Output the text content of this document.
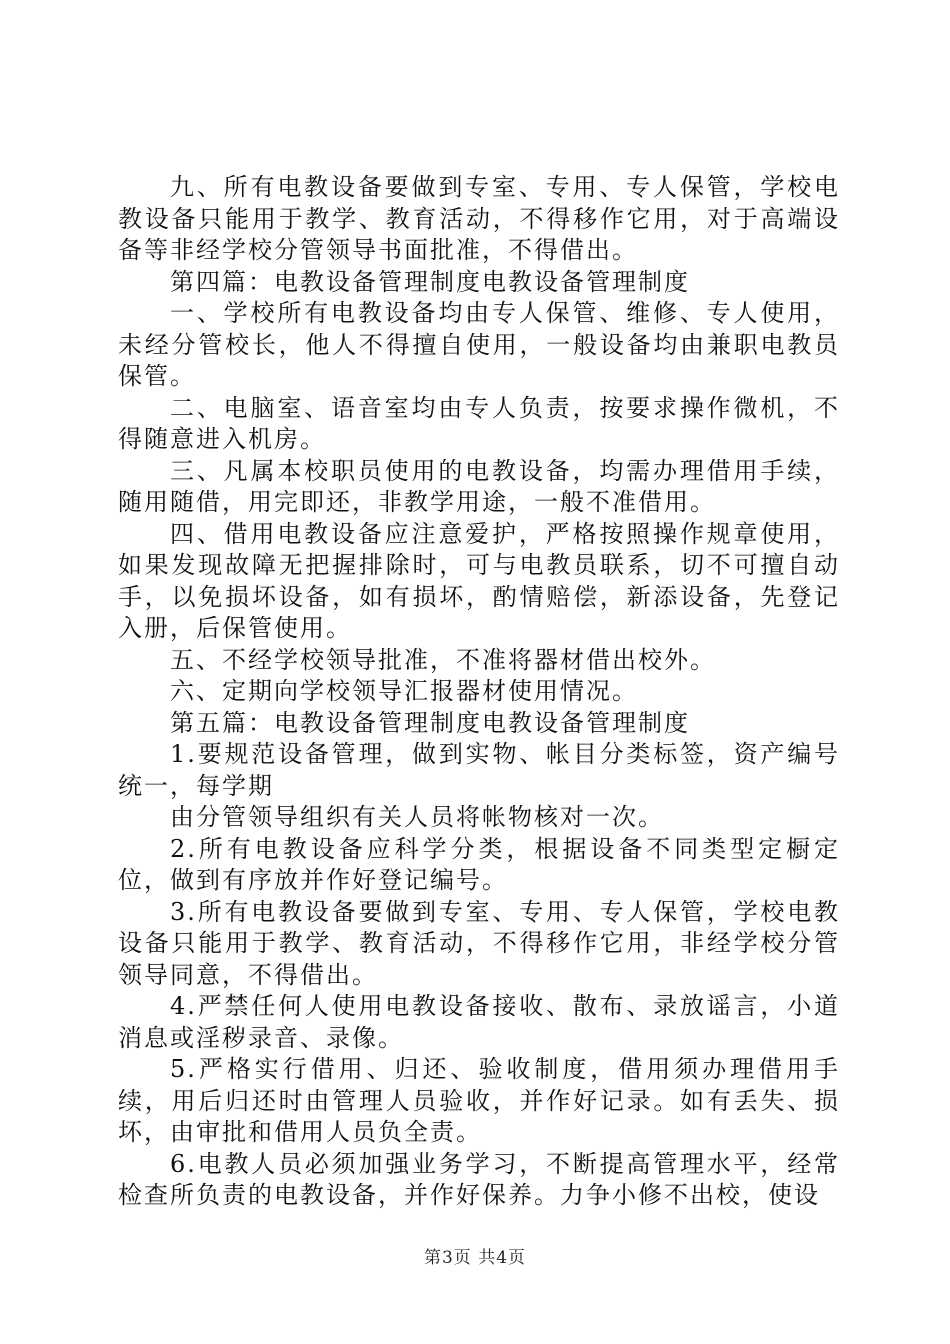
九、所有电教设备要做到专室、专用、专人保管，学校电教设备只能用于教学、教育活动，不得移作它用，对于高端设备等非经学校分管领导书面批准，不得借出。

第四篇：电教设备管理制度电教设备管理制度

一、学校所有电教设备均由专人保管、维修、专人使用，未经分管校长，他人不得擅自使用，一般设备均由兼职电教员保管。

二、电脑室、语音室均由专人负责，按要求操作微机，不得随意进入机房。

三、凡属本校职员使用的电教设备，均需办理借用手续，随用随借，用完即还，非教学用途，一般不准借用。

四、借用电教设备应注意爱护，严格按照操作规章使用，如果发现故障无把握排除时，可与电教员联系，切不可擅自动手，以免损坏设备，如有损坏，酌情赔偿，新添设备，先登记入册，后保管使用。

五、不经学校领导批准，不准将器材借出校外。

六、定期向学校领导汇报器材使用情况。

第五篇：电教设备管理制度电教设备管理制度

1.要规范设备管理，做到实物、帐目分类标签，资产编号统一，每学期

由分管领导组织有关人员将帐物核对一次。

2.所有电教设备应科学分类，根据设备不同类型定橱定位，做到有序放并作好登记编号。

3.所有电教设备要做到专室、专用、专人保管，学校电教设备只能用于教学、教育活动，不得移作它用，非经学校分管领导同意，不得借出。

4.严禁任何人使用电教设备接收、散布、录放谣言，小道消息或淫秽录音、录像。

5.严格实行借用、归还、验收制度，借用须办理借用手续，用后归还时由管理人员验收，并作好记录。如有丢失、损坏，由审批和借用人员负全责。

6.电教人员必须加强业务学习，不断提高管理水平，经常检查所负责的电教设备，并作好保养。力争小修不出校，使设

第3页 共4页
